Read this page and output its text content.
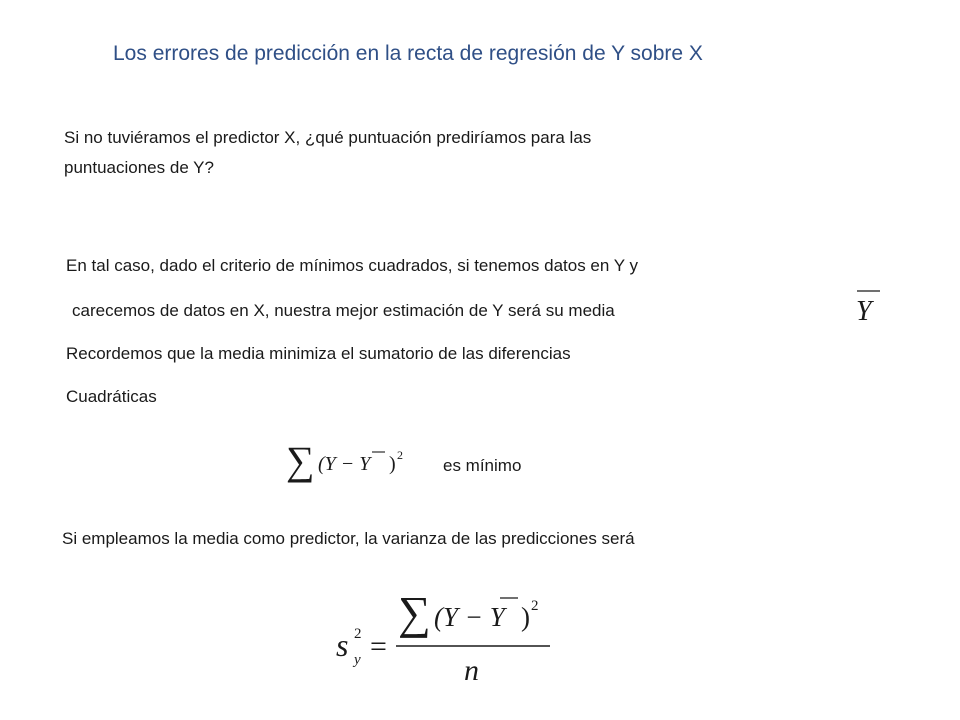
Los errores de predicción en la recta de regresión de Y sobre X
Si no tuviéramos el predictor X, ¿qué puntuación prediríamos para las
puntuaciones de Y?
En tal caso, dado el criterio de mínimos cuadrados, si tenemos datos en Y y
carecemos de datos en X, nuestra mejor estimación de Y será su media
Recordemos que la media minimiza el sumatorio de las diferencias
Cuadráticas
Y
∑ (Y − Y ) 2
es mínimo
Si empleamos la media como predictor, la varianza de las predicciones será
s 2
y =
∑ (Y − Y ) 2
n
